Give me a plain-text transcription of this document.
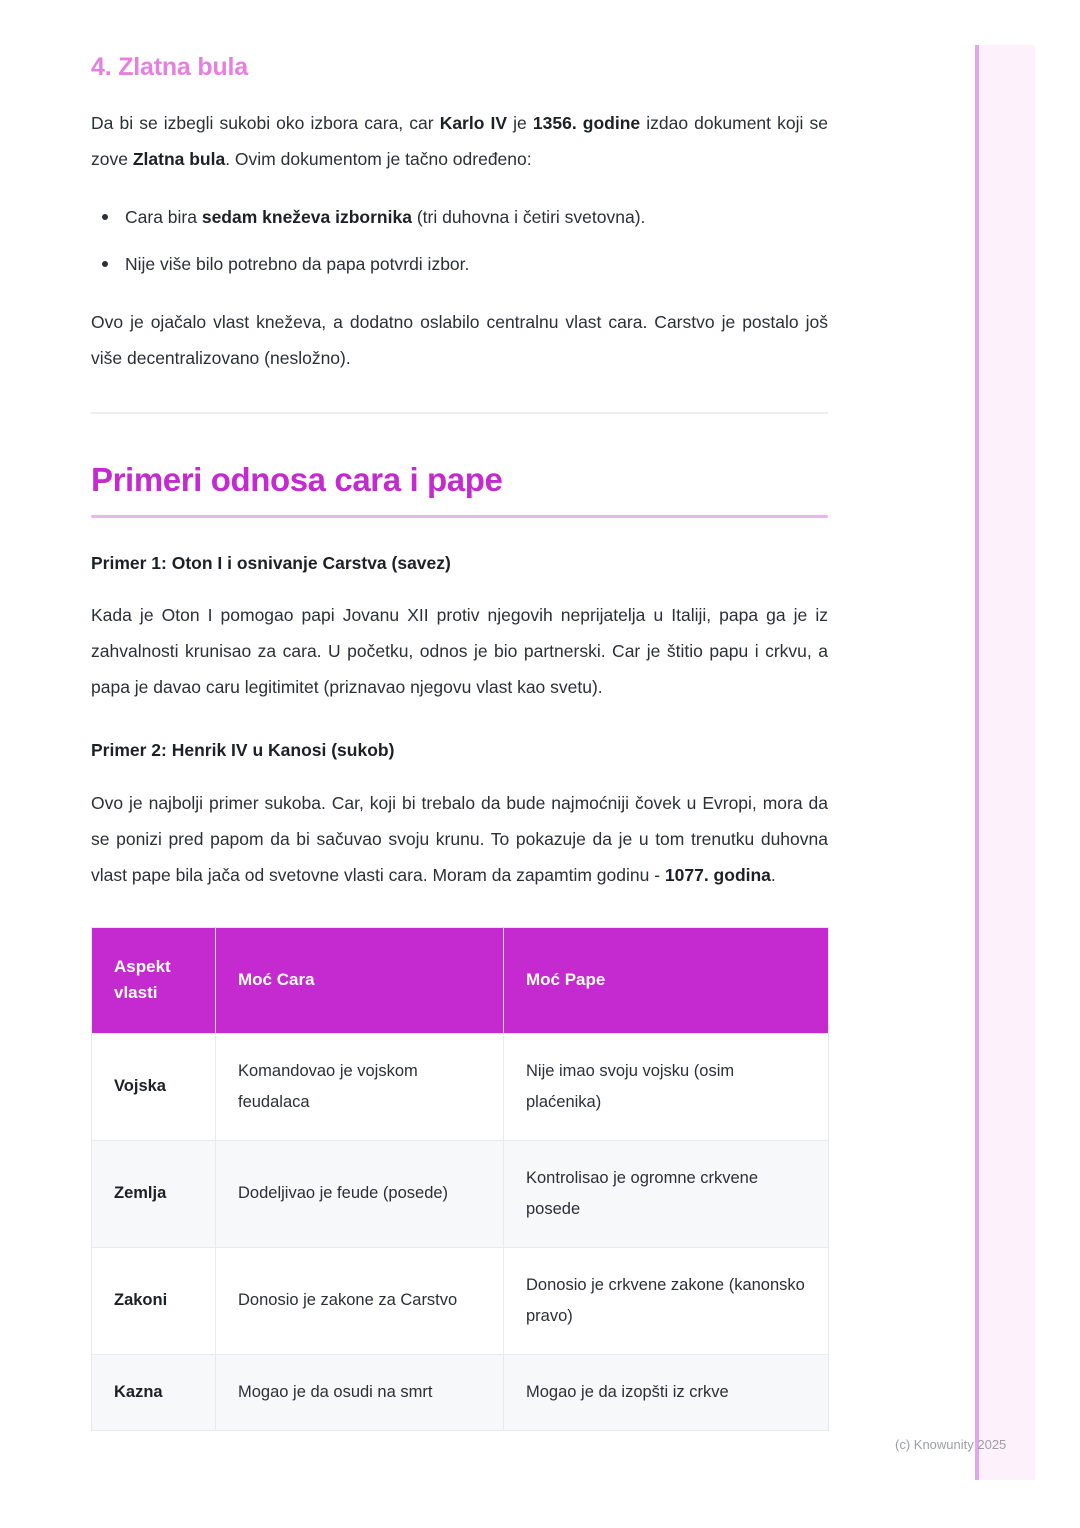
4. Zlatna bula

Da bi se izbegli sukobi oko izbora cara, car Karlo IV je 1356. godine izdao dokument koji se zove Zlatna bula. Ovim dokumentom je tačno određeno:

Cara bira sedam kneževa izbornika (tri duhovna i četiri svetovna).
Nije više bilo potrebno da papa potvrdi izbor.

Ovo je ojačalo vlast kneževa, a dodatno oslabilo centralnu vlast cara. Carstvo je postalo još više decentralizovano (nesložno).

Primeri odnosa cara i pape
Primer 1: Oton I i osnivanje Carstva (savez)

Kada je Oton I pomogao papi Jovanu XII protiv njegovih neprijatelja u Italiji, papa ga je iz zahvalnosti krunisao za cara. U početku, odnos je bio partnerski. Car je štitio papu i crkvu, a papa je davao caru legitimitet (priznavao njegovu vlast kao svetu).

Primer 2: Henrik IV u Kanosi (sukob)

Ovo je najbolji primer sukoba. Car, koji bi trebalo da bude najmoćniji čovek u Evropi, mora da se ponizi pred papom da bi sačuvao svoju krunu. To pokazuje da je u tom trenutku duhovna vlast pape bila jača od svetovne vlasti cara. Moram da zapamtim godinu - 1077. godina.

Aspekt vlasti	Moć Cara	Moć Pape
Vojska	Komandovao je vojskom feudalaca	Nije imao svoju vojsku (osim plaćenika)
Zemlja	Dodeljivao je feude (posede)	Kontrolisao je ogromne crkvene posede
Zakoni	Donosio je zakone za Carstvo	Donosio je crkvene zakone (kanonsko pravo)
Kazna	Mogao je da osudi na smrt	Mogao je da izopšti iz crkve
(c) Knowunity 2025
